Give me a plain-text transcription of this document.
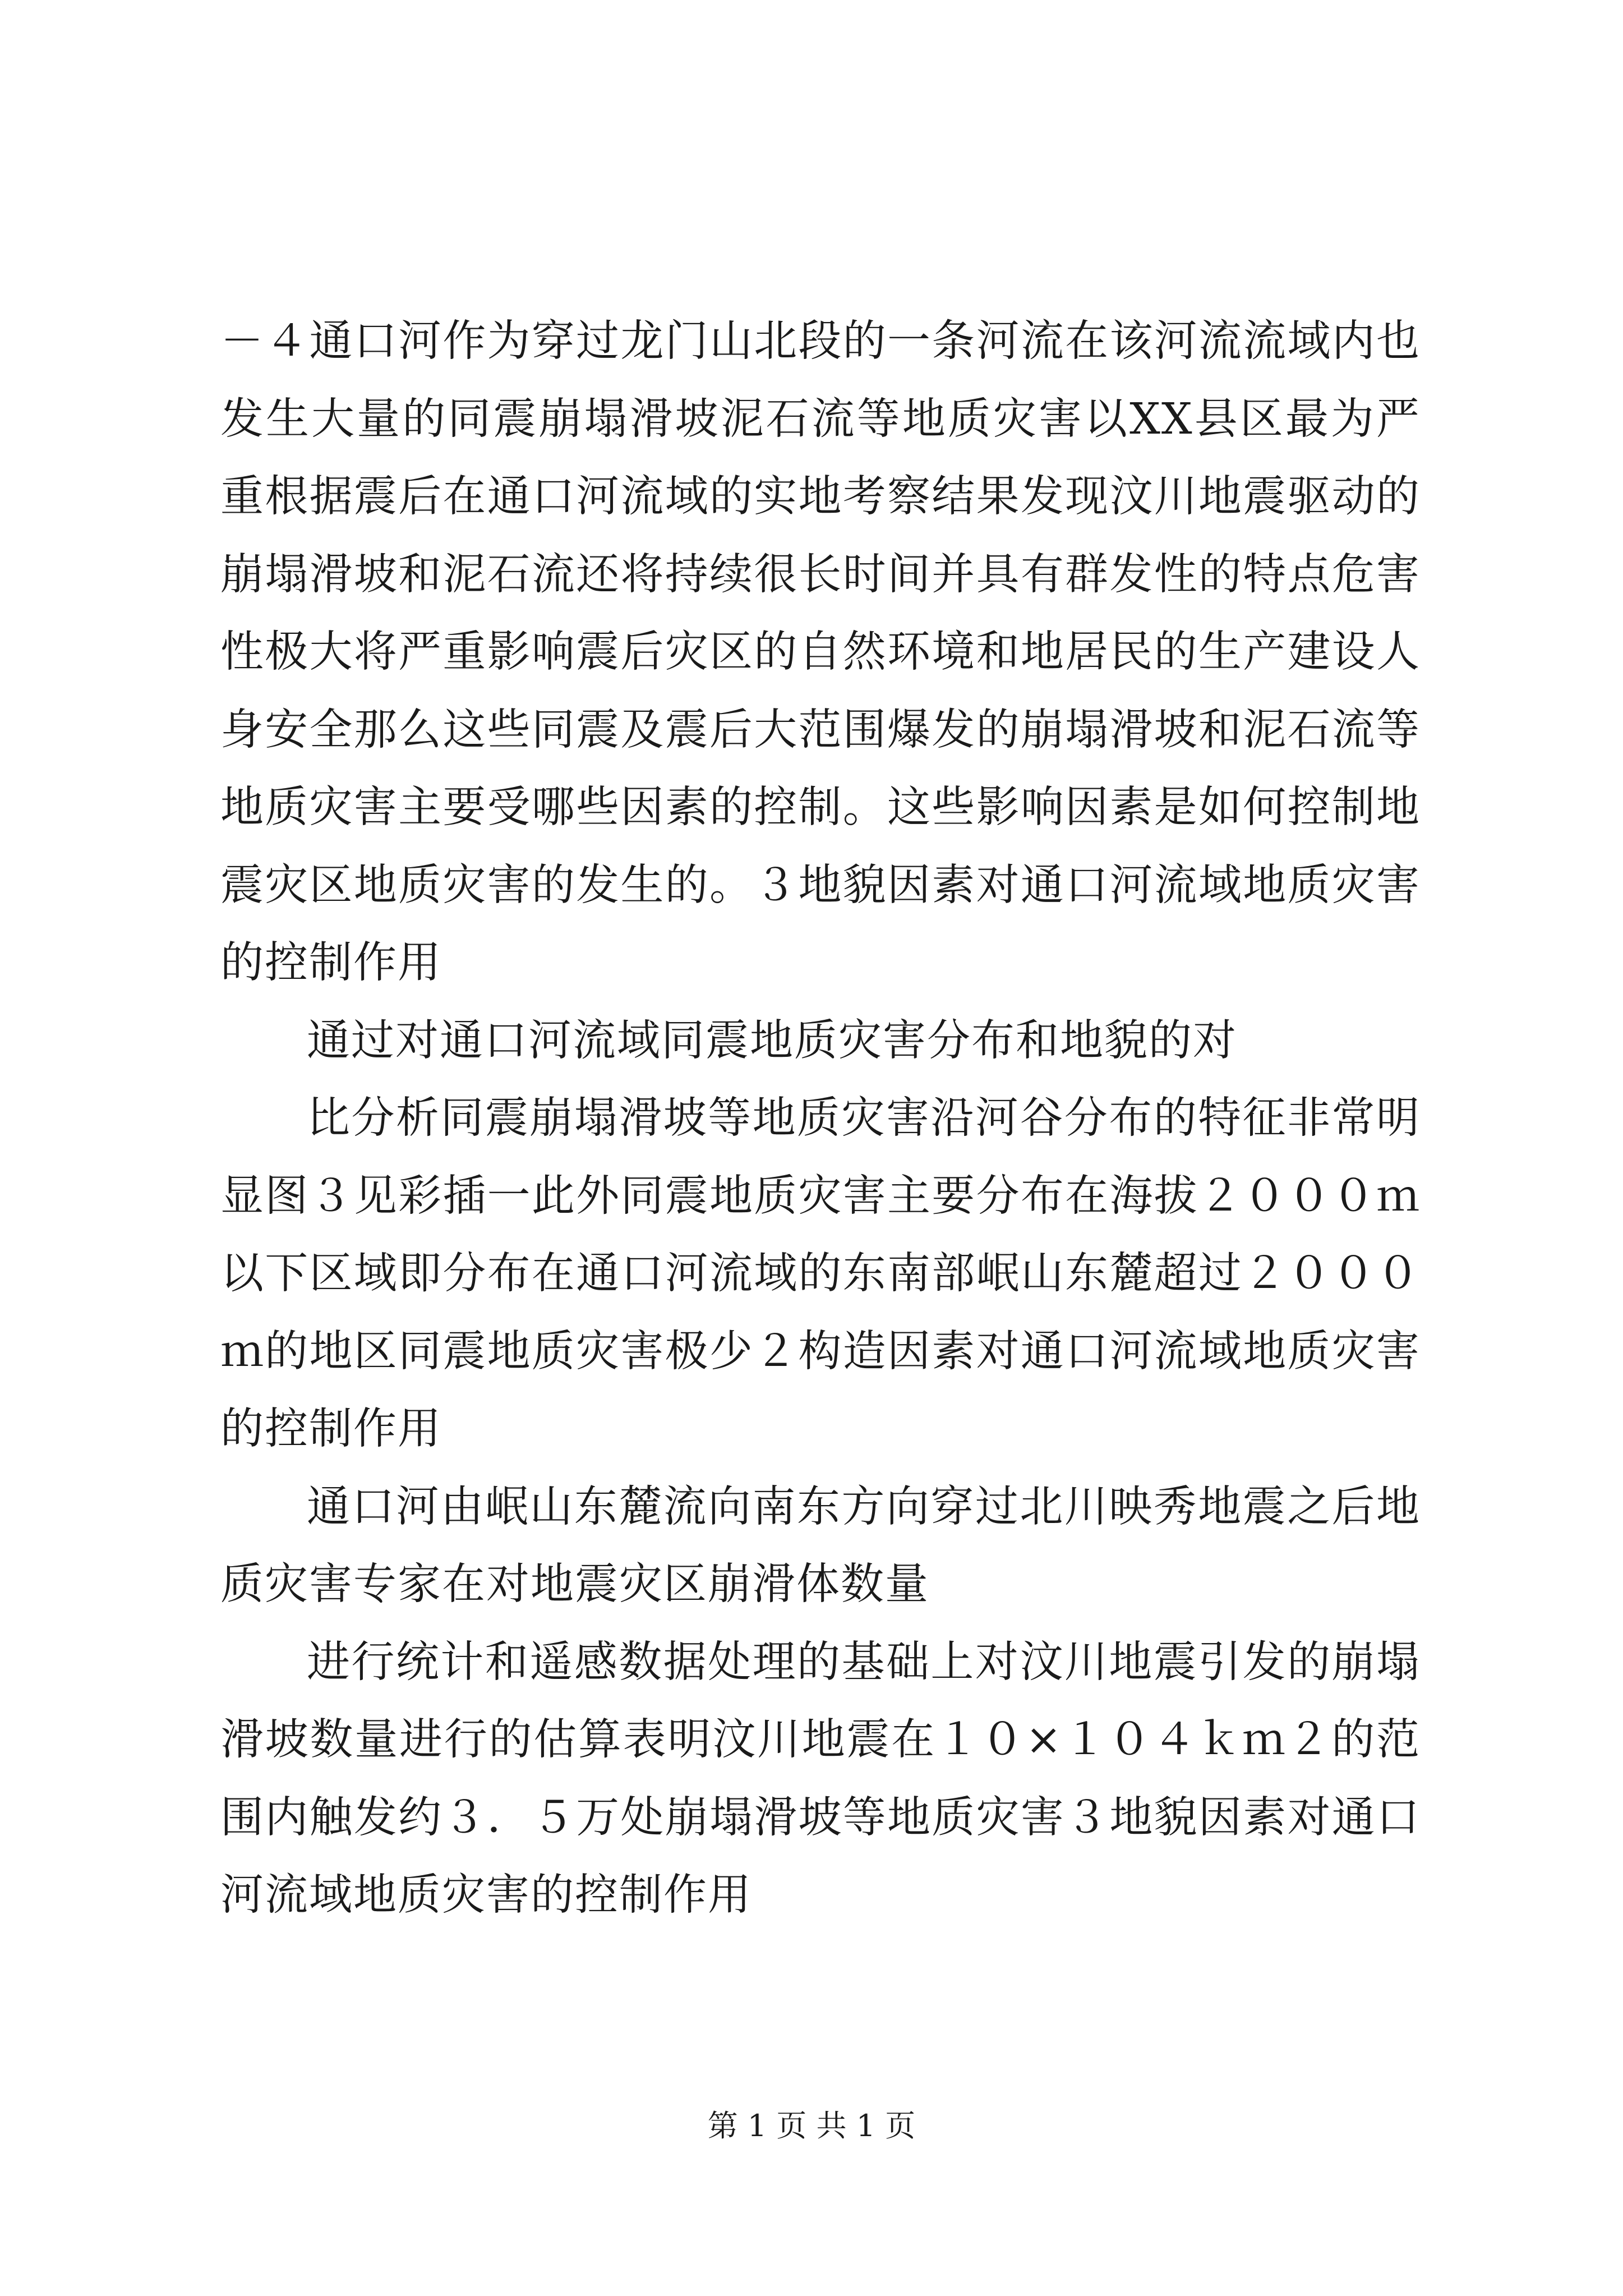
－４通口河作为穿过龙门山北段的一条河流在该河流流域内也发生大量的同震崩塌滑坡泥石流等地质灾害以XX县区最为严重根据震后在通口河流域的实地考察结果发现汶川地震驱动的崩塌滑坡和泥石流还将持续很长时间并具有群发性的特点危害性极大将严重影响震后灾区的自然环境和地居民的生产建设人身安全那么这些同震及震后大范围爆发的崩塌滑坡和泥石流等地质灾害主要受哪些因素的控制。这些影响因素是如何控制地震灾区地质灾害的发生的。３地貌因素对通口河流域地质灾害的控制作用

通过对通口河流域同震地质灾害分布和地貌的对

比分析同震崩塌滑坡等地质灾害沿河谷分布的特征非常明显图３见彩插一此外同震地质灾害主要分布在海拔２０００ｍ以下区域即分布在通口河流域的东南部岷山东麓超过２０００ｍ的地区同震地质灾害极少２构造因素对通口河流域地质灾害的控制作用

通口河由岷山东麓流向南东方向穿过北川映秀地震之后地质灾害专家在对地震灾区崩滑体数量

进行统计和遥感数据处理的基础上对汶川地震引发的崩塌滑坡数量进行的估算表明汶川地震在１０×１０４ｋｍ２的范围内触发约３．５万处崩塌滑坡等地质灾害３地貌因素对通口河流域地质灾害的控制作用

第 1 页 共 1 页
